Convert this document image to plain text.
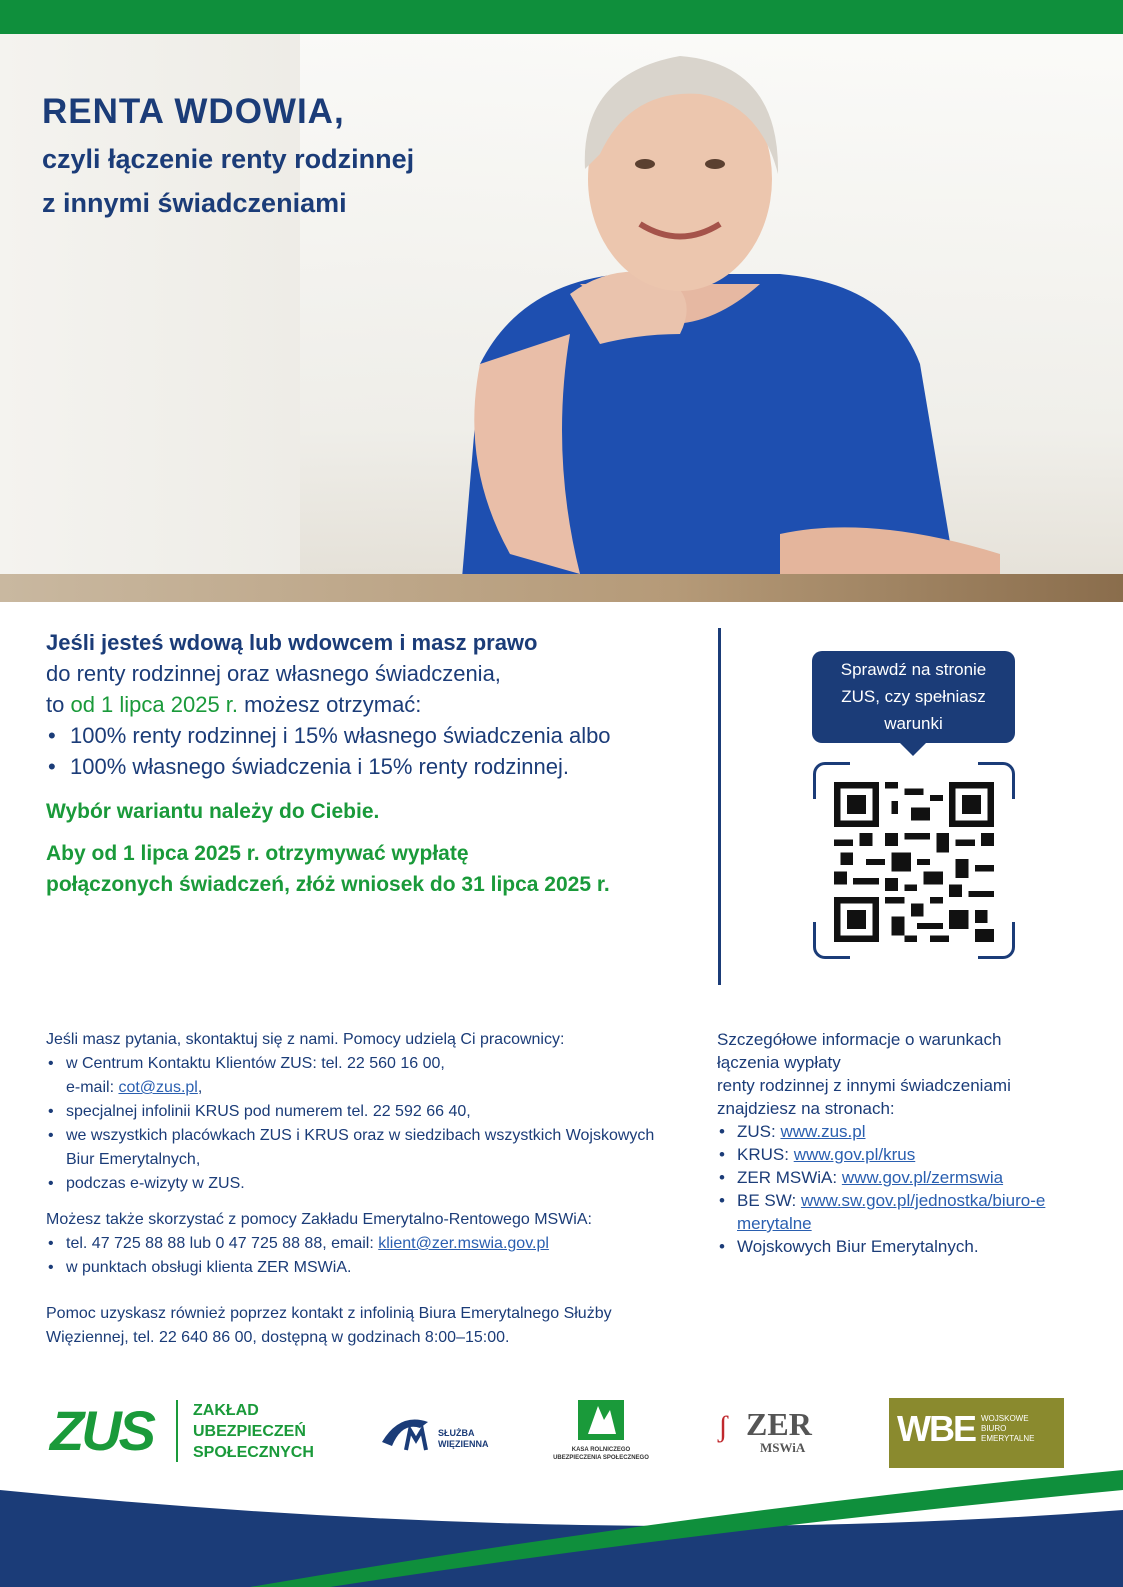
RENTA WDOWIA,

czyli łączenie renty rodzinnej

z innymi świadczeniami

Jeśli jesteś wdową lub wdowcem i masz prawo

do renty rodzinnej oraz własnego świadczenia,

to od 1 lipca 2025 r. możesz otrzymać:

• 100% renty rodzinnej i 15% własnego świadczenia albo
• 100% własnego świadczenia i 15% renty rodzinnej.

Wybór wariantu należy do Ciebie.

Aby od 1 lipca 2025 r. otrzymywać wypłatę

połączonych świadczeń, złóż wniosek do 31 lipca 2025 r.

Sprawdź na stronie
ZUS, czy spełniasz
warunki

Jeśli masz pytania, skontaktuj się z nami. Pomocy udzielą Ci pracownicy:

• w Centrum Kontaktu Klientów ZUS: tel. 22 560 16 00,
e-mail: cot@zus.pl,
• specjalnej infolinii KRUS pod numerem tel. 22 592 66 40,
• we wszystkich placówkach ZUS i KRUS oraz w siedzibach wszystkich Wojskowych Biur Emerytalnych,
• podczas e-wizyty w ZUS.

Możesz także skorzystać z pomocy Zakładu Emerytalno-Rentowego MSWiA:

• tel. 47 725 88 88 lub 0 47 725 88 88, email: klient@zer.mswia.gov.pl
• w punktach obsługi klienta ZER MSWiA.

Pomoc uzyskasz również poprzez kontakt z infolinią Biura Emerytalnego Służby Więziennej, tel. 22 640 86 00, dostępną w godzinach 8:00–15:00.

Szczegółowe informacje o warunkach łączenia wypłaty

renty rodzinnej z innymi świadczeniami

znajdziesz na stronach:

• ZUS: www.zus.pl
• KRUS: www.gov.pl/krus
• ZER MSWiA: www.gov.pl/zermswia
• BE SW: www.sw.gov.pl/jednostka/biuro-emerytalne
• Wojskowych Biur Emerytalnych.
ZUS	ZAKŁAD
UBEZPIECZEŃ
SPOŁECZNYCH
SŁUŻBA
WIĘZIENNA
KASA ROLNICZEGO
UBEZPIECZENIA SPOŁECZNEGO
ʃ ZER
MSWiA	WBE WOJSKOWE
BIURO
EMERYTALNE
